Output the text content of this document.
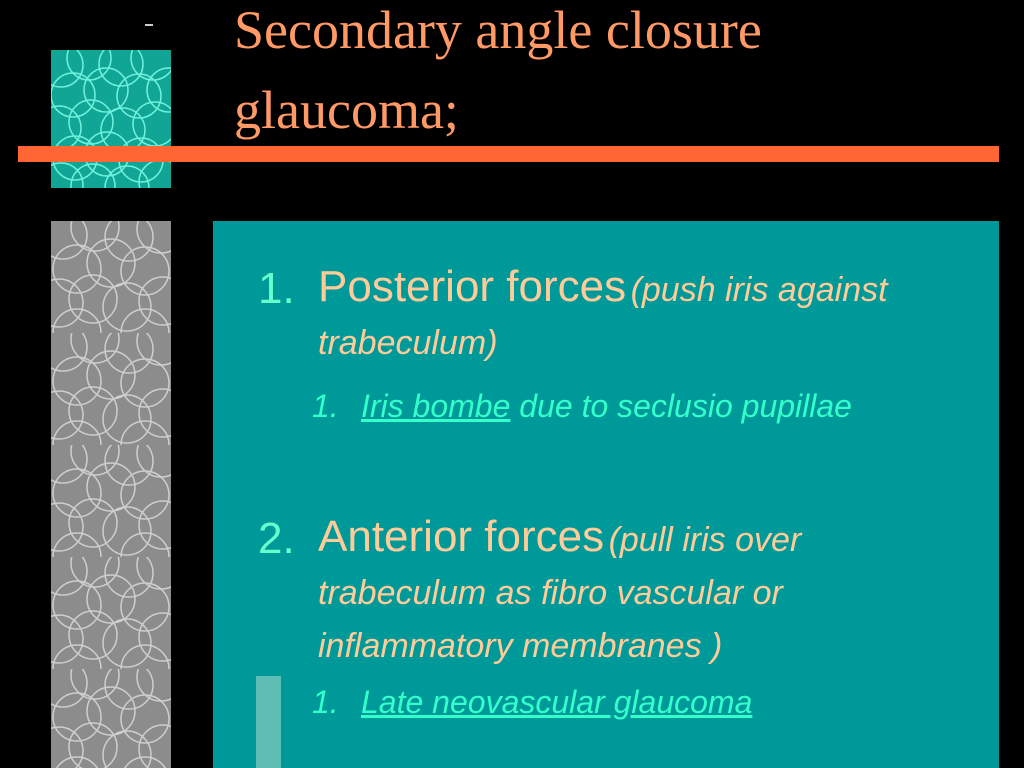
Secondary angle closure
glaucoma;
1. Posterior forces (push iris against trabeculum)
1. Iris bombe due to seclusio pupillae
2. Anterior forces (pull iris over trabeculum as fibro vascular or inflammatory membranes )
1. Late neovascular glaucoma
